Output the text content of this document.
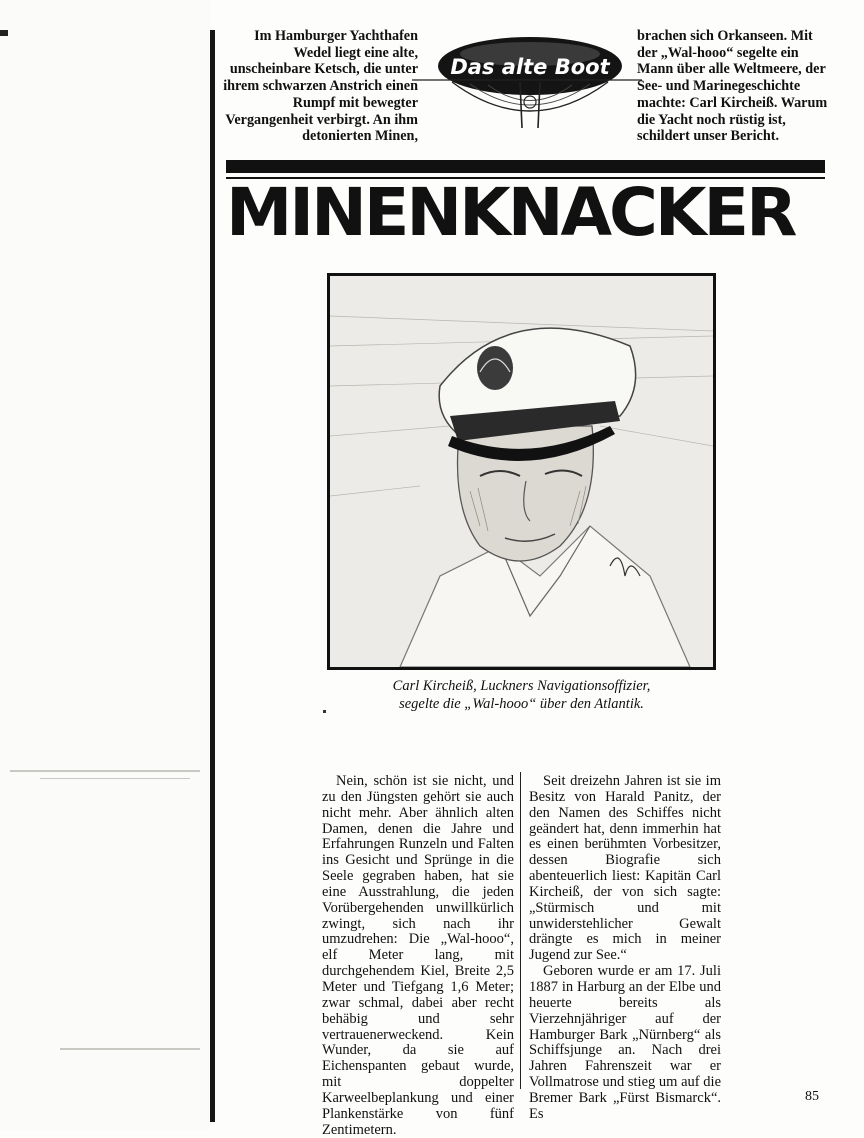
Im Hamburger Yachthafen Wedel liegt eine alte, unscheinbare Ketsch, die unter ihrem schwarzen Anstrich einen Rumpf mit bewegter Vergangenheit verbirgt. An ihm detonierten Minen,

Das alte Boot

brachen sich Orkanseen. Mit der „Wal-hooo“ segelte ein Mann über alle Weltmeere, der See- und Marinegeschichte machte: Carl Kircheiß. Warum die Yacht noch rüstig ist, schildert unser Bericht.

MINENKNACKER

Carl Kircheiß, Luckners Navigationsoffizier,

segelte die „Wal-hooo“ über den Atlantik.

Nein, schön ist sie nicht, und zu den Jüngsten gehört sie auch nicht mehr. Aber ähnlich alten Damen, denen die Jahre und Erfahrungen Runzeln und Falten ins Gesicht und Sprünge in die Seele gegraben haben, hat sie eine Ausstrahlung, die jeden Vorübergehenden unwillkürlich zwingt, sich nach ihr umzudrehen: Die „Wal-hooo“, elf Meter lang, mit durchgehendem Kiel, Breite 2,5 Meter und Tiefgang 1,6 Meter; zwar schmal, dabei aber recht behäbig und sehr vertrauenerweckend. Kein Wunder, da sie auf Eichenspanten gebaut wurde, mit doppelter Karweelbeplankung und einer Plankenstärke von fünf Zentimetern.

Seit dreizehn Jahren ist sie im Besitz von Harald Panitz, der den Namen des Schiffes nicht geändert hat, denn immerhin hat es einen berühmten Vorbesitzer, dessen Biografie sich abenteuerlich liest: Kapitän Carl Kircheiß, der von sich sagte: „Stürmisch und mit unwiderstehlicher Gewalt drängte es mich in meiner Jugend zur See.“

Geboren wurde er am 17. Juli 1887 in Harburg an der Elbe und heuerte bereits als Vierzehnjähriger auf der Hamburger Bark „Nürnberg“ als Schiffsjunge an. Nach drei Jahren Fahrenszeit war er Vollmatrose und stieg um auf die Bremer Bark „Fürst Bismarck“. Es

85
